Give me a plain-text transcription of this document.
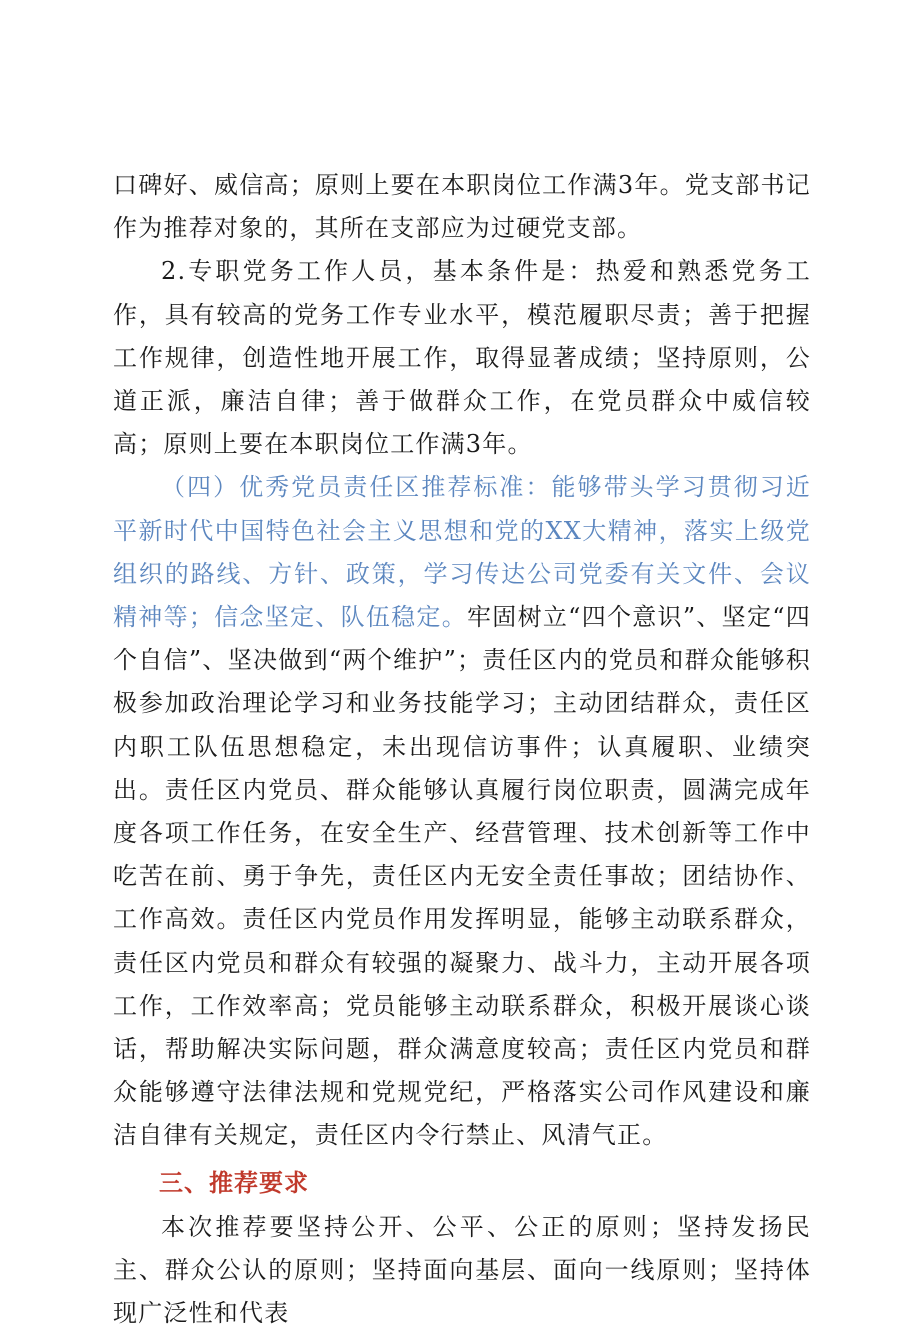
口碑好、威信高；原则上要在本职岗位工作满3年。党支部书记作为推荐对象的，其所在支部应为过硬党支部。

2.专职党务工作人员，基本条件是：热爱和熟悉党务工作，具有较高的党务工作专业水平，模范履职尽责；善于把握工作规律，创造性地开展工作，取得显著成绩；坚持原则，公道正派，廉洁自律；善于做群众工作，在党员群众中威信较高；原则上要在本职岗位工作满3年。

（四）优秀党员责任区推荐标准：能够带头学习贯彻习近平新时代中国特色社会主义思想和党的XX大精神，落实上级党组织的路线、方针、政策，学习传达公司党委有关文件、会议精神等；信念坚定、队伍稳定。牢固树立“四个意识”、坚定“四个自信”、坚决做到“两个维护”；责任区内的党员和群众能够积极参加政治理论学习和业务技能学习；主动团结群众，责任区内职工队伍思想稳定，未出现信访事件；认真履职、业绩突出。责任区内党员、群众能够认真履行岗位职责，圆满完成年度各项工作任务，在安全生产、经营管理、技术创新等工作中吃苦在前、勇于争先，责任区内无安全责任事故；团结协作、工作高效。责任区内党员作用发挥明显，能够主动联系群众，责任区内党员和群众有较强的凝聚力、战斗力，主动开展各项工作，工作效率高；党员能够主动联系群众，积极开展谈心谈话，帮助解决实际问题，群众满意度较高；责任区内党员和群众能够遵守法律法规和党规党纪，严格落实公司作风建设和廉洁自律有关规定，责任区内令行禁止、风清气正。

三、推荐要求

本次推荐要坚持公开、公平、公正的原则；坚持发扬民主、群众公认的原则；坚持面向基层、面向一线原则；坚持体现广泛性和代表
